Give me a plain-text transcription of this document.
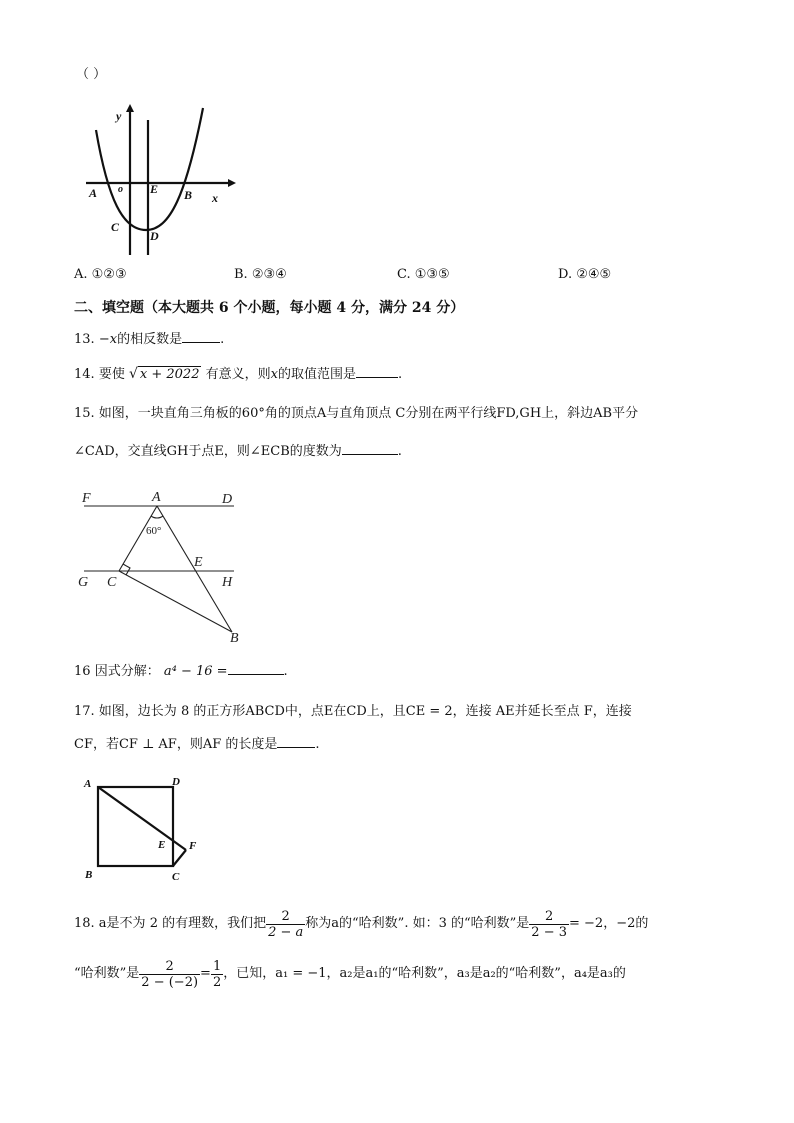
（ ）
y
x
A o E B
C
D
A. ①②③	B. ②③④	C. ①③⑤	D. ②④⑤
二、填空题（本大题共 6 个小题，每小题 4 分，满分 24 分）
13. −x的相反数是	.
14. 要使 √ x + 2022 有意义，则x的取值范围是	.
15. 如图，一块直角三角板的60°角的顶点A与直角顶点 C分别在两平行线FD,GH上，斜边AB平分
∠CAD，交直线GH于点E，则∠ECB的度数为	.
F	A	D
60°
E
G C	H
B
16 因式分解： a⁴ − 16 =	.
17. 如图，边长为 8 的正方形ABCD中，点E在CD上，且CE = 2，连接 AE并延长至点 F，连接
CF，若CF ⊥ AF，则AF 的长度是	.
A	D
E F
B	C
18. a是不为 2 的有理数，我们把 $\frac{2}{2 - a}$ 称为a的“哈利数”. 如：3 的“哈利数”是 $\frac{2}{2 - 3} = -2$，−2的
“哈利数”是 $\frac{2}{2 - (-2)} = \frac{1}{2}$ ，已知，a₁ = −1，a₂是a₁的“哈利数”，a₃是a₂的“哈利数”，a₄是a₃的
